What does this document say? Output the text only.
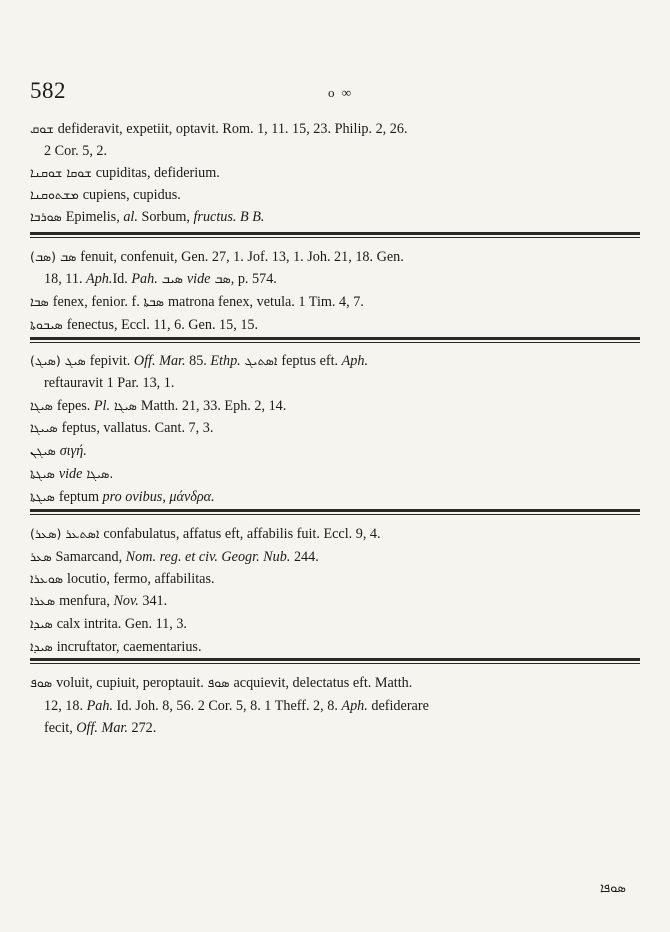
582	ο ∞
ܫܘܩ defideravit, expetiit, optavit. Rom. 1, 11. 15, 23. Philip. 2, 26.
2 Cor. 5, 2.
ܫܘܩܐ ܫܘܩܢܐ cupiditas, defiderium.
ܡܫܬܘܩܢܐ cupiens, cupidus.
ܣܘܪܒܐ Epimelis, al. Sorbum, fructus. B B.
(ܣܒ) ܣܒ fenuit, confenuit, Gen. 27, 1. Jof. 13, 1. Joh. 21, 18. Gen.
18, 11. Aph.Id. Pah. ܣܝܒ vide ܣܒ, p. 574.
ܣܒܐ fenex, fenior. f. ܣܒܬܐ matrona fenex, vetula. 1 Tim. 4, 7.
ܣܝܒܘܬܐ fenectus, Eccl. 11, 6. Gen. 15, 15.
(ܣܝܓ) ܣܝܓ fepivit. Off. Mar. 85. Ethp. ܐܣܬܝܓ feptus eft. Aph.
reftauravit 1 Par. 13, 1.
ܣܝܓܐ fepes. Pl. ܣܝܓܐ Matth. 21, 33. Eph. 2, 14.
ܣܝܝܓܐ feptus, vallatus. Cant. 7, 3.
ܣܝܓܢ σιγή.
ܣܝܓܬܐ vide ܣܝܓܐ.
ܣܝܓܬܐ feptum pro ovibus, μάνδρα.
(ܣܥܪ) ܐܣܬܥܪ confabulatus, affatus eft, affabilis fuit. Eccl. 9, 4.
ܣܥܪ Samarcand, Nom. reg. et civ. Geogr. Nub. 244.
ܣܘܥܪܐ locutio, fermo, affabilitas.
ܣܥܪܐ menfura, Nov. 341.
ܣܝܕܐ calx intrita. Gen. 11, 3.
ܣܝܕܐ incruftator, caementarius.
ܣܘܦ voluit, cupiuit, peroptauit. ܣܘܦ acquievit, delectatus eft. Matth.
12, 18. Pah. Id. Joh. 8, 56. 2 Cor. 5, 8. 1 Theff. 2, 8. Aph. defiderare
fecit, Off. Mar. 272.
ܣܘܦܐ
